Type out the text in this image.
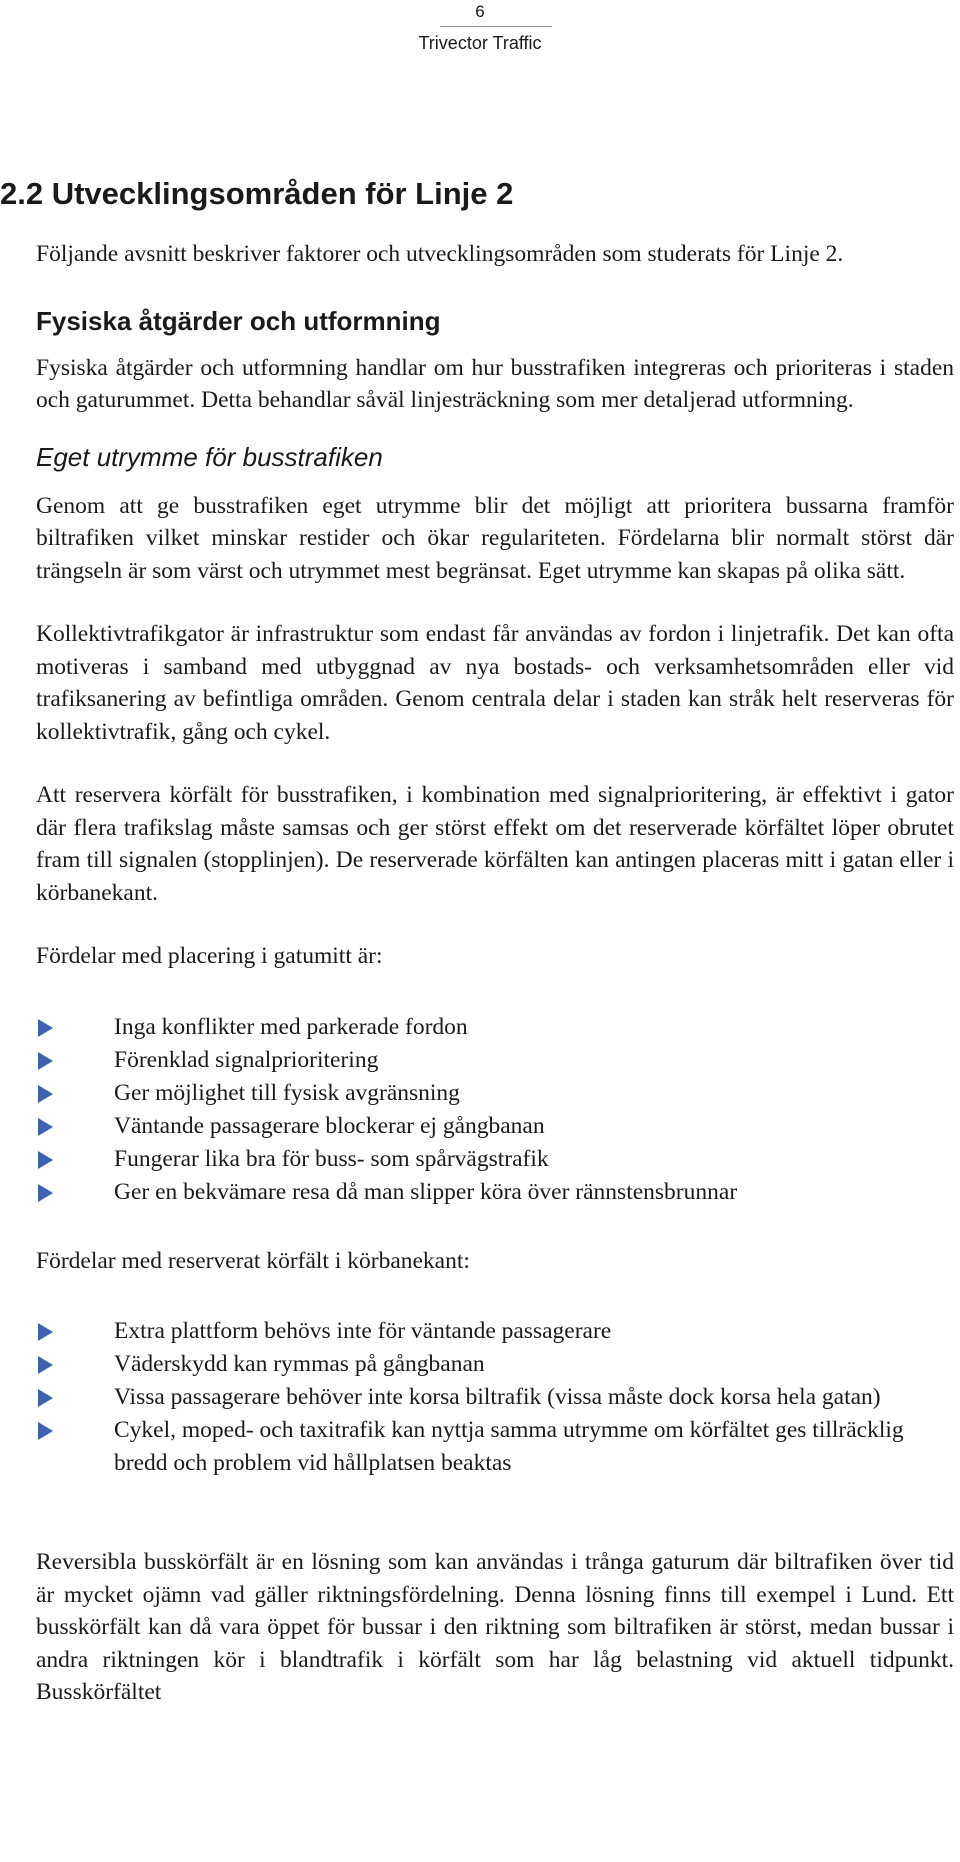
6
Trivector Traffic
2.2 Utvecklingsområden för Linje 2

Följande avsnitt beskriver faktorer och utvecklingsområden som studerats för Linje 2.

Fysiska åtgärder och utformning

Fysiska åtgärder och utformning handlar om hur busstrafiken integreras och prioriteras i staden och gaturummet. Detta behandlar såväl linjesträckning som mer detaljerad utformning.

Eget utrymme för busstrafiken

Genom att ge busstrafiken eget utrymme blir det möjligt att prioritera bussarna framför biltrafiken vilket minskar restider och ökar regulariteten. Fördelarna blir normalt störst där trängseln är som värst och utrymmet mest begränsat. Eget utrymme kan skapas på olika sätt.

Kollektivtrafikgator är infrastruktur som endast får användas av fordon i linjetrafik. Det kan ofta motiveras i samband med utbyggnad av nya bostads- och verksamhetsområden eller vid trafiksanering av befintliga områden. Genom centrala delar i staden kan stråk helt reserveras för kollektivtrafik, gång och cykel.

Att reservera körfält för busstrafiken, i kombination med signalprioritering, är effektivt i gator där flera trafikslag måste samsas och ger störst effekt om det reserverade körfältet löper obrutet fram till signalen (stopplinjen). De reserverade körfälten kan antingen placeras mitt i gatan eller i körbanekant.

Fördelar med placering i gatumitt är:

Inga konflikter med parkerade fordon
Förenklad signalprioritering
Ger möjlighet till fysisk avgränsning
Väntande passagerare blockerar ej gångbanan
Fungerar lika bra för buss- som spårvägstrafik
Ger en bekvämare resa då man slipper köra över rännstensbrunnar

Fördelar med reserverat körfält i körbanekant:

Extra plattform behövs inte för väntande passagerare
Väderskydd kan rymmas på gångbanan
Vissa passagerare behöver inte korsa biltrafik (vissa måste dock korsa hela gatan)
Cykel, moped- och taxitrafik kan nyttja samma utrymme om körfältet ges tillräcklig bredd och problem vid hållplatsen beaktas

Reversibla busskörfält är en lösning som kan användas i trånga gaturum där biltrafiken över tid är mycket ojämn vad gäller riktningsfördelning. Denna lösning finns till exempel i Lund. Ett busskörfält kan då vara öppet för bussar i den riktning som biltrafiken är störst, medan bussar i andra riktningen kör i blandtrafik i körfält som har låg belastning vid aktuell tidpunkt. Busskörfältet
